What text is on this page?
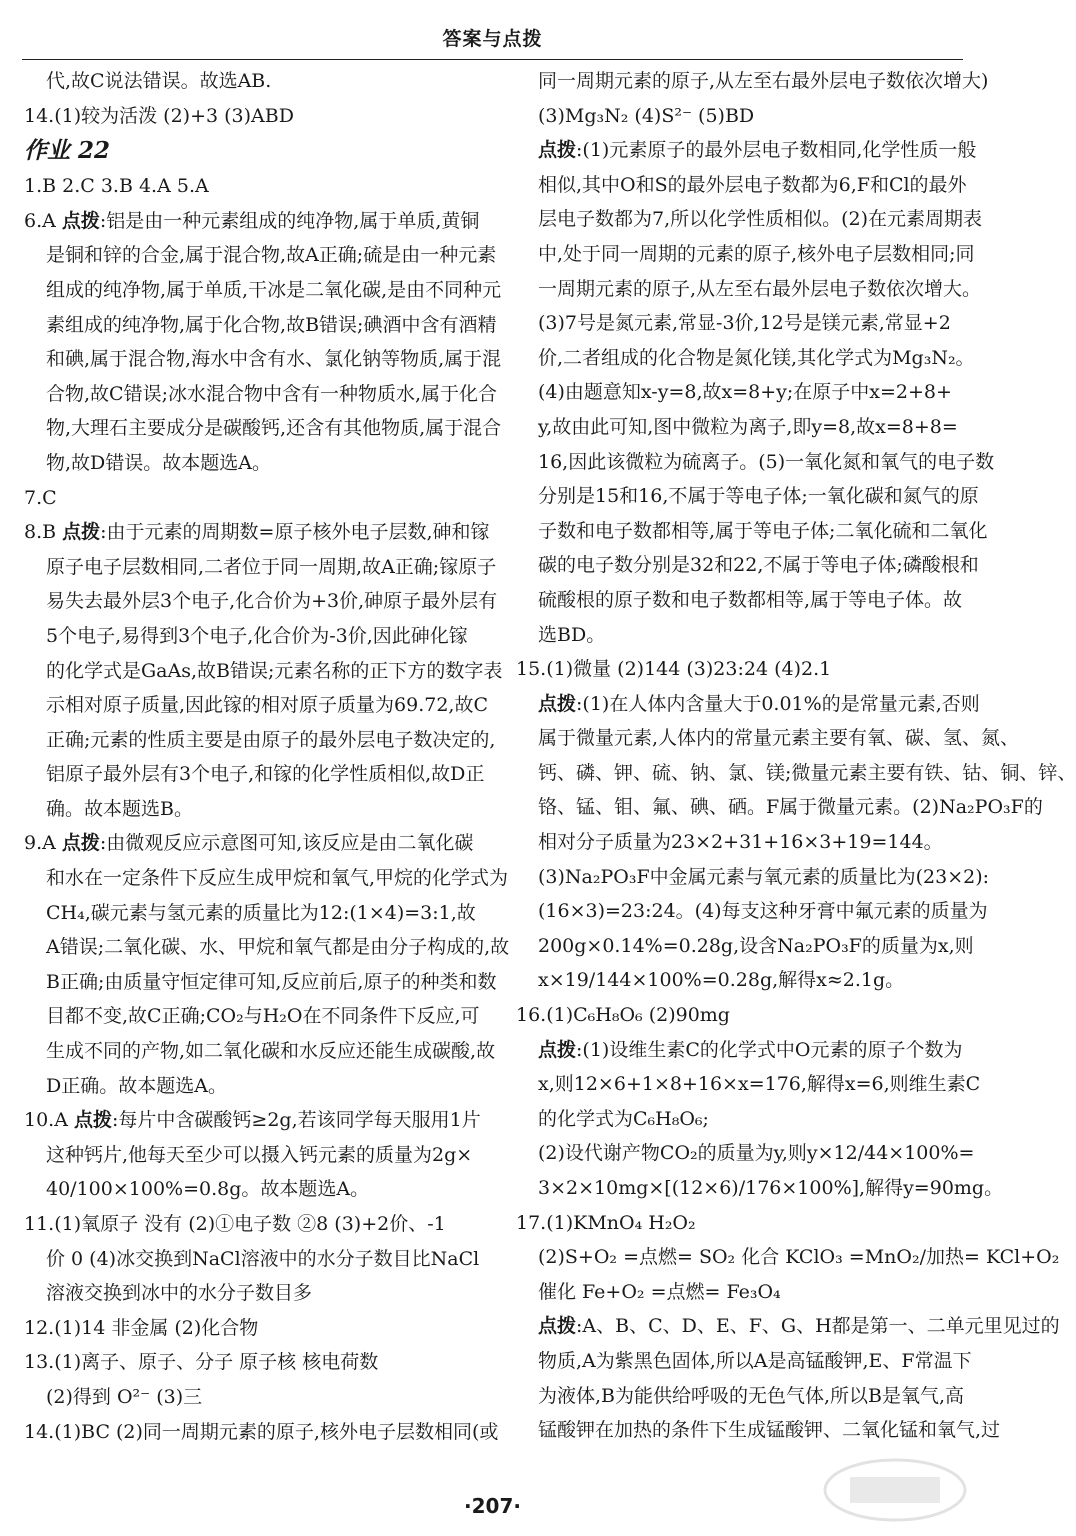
答案与点拨
代,故C说法错误。故选AB.
14.(1)较为活泼 (2)+3 (3)ABD
作业 22
1.B 2.C 3.B 4.A 5.A
6.A 点拨:铝是由一种元素组成的纯净物,属于单质,黄铜
是铜和锌的合金,属于混合物,故A正确;硫是由一种元素
组成的纯净物,属于单质,干冰是二氧化碳,是由不同种元
素组成的纯净物,属于化合物,故B错误;碘酒中含有酒精
和碘,属于混合物,海水中含有水、氯化钠等物质,属于混
合物,故C错误;冰水混合物中含有一种物质水,属于化合
物,大理石主要成分是碳酸钙,还含有其他物质,属于混合
物,故D错误。故本题选A。
7.C
8.B 点拨:由于元素的周期数=原子核外电子层数,砷和镓
原子电子层数相同,二者位于同一周期,故A正确;镓原子
易失去最外层3个电子,化合价为+3价,砷原子最外层有
5个电子,易得到3个电子,化合价为-3价,因此砷化镓
的化学式是GaAs,故B错误;元素名称的正下方的数字表
示相对原子质量,因此镓的相对原子质量为69.72,故C
正确;元素的性质主要是由原子的最外层电子数决定的,
铝原子最外层有3个电子,和镓的化学性质相似,故D正
确。故本题选B。
9.A 点拨:由微观反应示意图可知,该反应是由二氧化碳
和水在一定条件下反应生成甲烷和氧气,甲烷的化学式为
CH₄,碳元素与氢元素的质量比为12:(1×4)=3:1,故
A错误;二氧化碳、水、甲烷和氧气都是由分子构成的,故
B正确;由质量守恒定律可知,反应前后,原子的种类和数
目都不变,故C正确;CO₂与H₂O在不同条件下反应,可
生成不同的产物,如二氧化碳和水反应还能生成碳酸,故
D正确。故本题选A。
10.A 点拨:每片中含碳酸钙≥2g,若该同学每天服用1片
这种钙片,他每天至少可以摄入钙元素的质量为2g×
40/100×100%=0.8g。故本题选A。
11.(1)氧原子 没有 (2)①电子数 ②8 (3)+2价、-1
价 0 (4)冰交换到NaCl溶液中的水分子数目比NaCl
溶液交换到冰中的水分子数目多
12.(1)14 非金属 (2)化合物
13.(1)离子、原子、分子 原子核 核电荷数
(2)得到 O²⁻ (3)三
14.(1)BC (2)同一周期元素的原子,核外电子层数相同(或
同一周期元素的原子,从左至右最外层电子数依次增大)
(3)Mg₃N₂ (4)S²⁻ (5)BD
点拨:(1)元素原子的最外层电子数相同,化学性质一般
相似,其中O和S的最外层电子数都为6,F和Cl的最外
层电子数都为7,所以化学性质相似。(2)在元素周期表
中,处于同一周期的元素的原子,核外电子层数相同;同
一周期元素的原子,从左至右最外层电子数依次增大。
(3)7号是氮元素,常显-3价,12号是镁元素,常显+2
价,二者组成的化合物是氮化镁,其化学式为Mg₃N₂。
(4)由题意知x-y=8,故x=8+y;在原子中x=2+8+
y,故由此可知,图中微粒为离子,即y=8,故x=8+8=
16,因此该微粒为硫离子。(5)一氧化氮和氧气的电子数
分别是15和16,不属于等电子体;一氧化碳和氮气的原
子数和电子数都相等,属于等电子体;二氧化硫和二氧化
碳的电子数分别是32和22,不属于等电子体;磷酸根和
硫酸根的原子数和电子数都相等,属于等电子体。故
选BD。
15.(1)微量 (2)144 (3)23:24 (4)2.1
点拨:(1)在人体内含量大于0.01%的是常量元素,否则
属于微量元素,人体内的常量元素主要有氧、碳、氢、氮、
钙、磷、钾、硫、钠、氯、镁;微量元素主要有铁、钴、铜、锌、
铬、锰、钼、氟、碘、硒。F属于微量元素。(2)Na₂PO₃F的
相对分子质量为23×2+31+16×3+19=144。
(3)Na₂PO₃F中金属元素与氧元素的质量比为(23×2):
(16×3)=23:24。(4)每支这种牙膏中氟元素的质量为
200g×0.14%=0.28g,设含Na₂PO₃F的质量为x,则
x×19/144×100%=0.28g,解得x≈2.1g。
16.(1)C₆H₈O₆ (2)90mg
点拨:(1)设维生素C的化学式中O元素的原子个数为
x,则12×6+1×8+16×x=176,解得x=6,则维生素C
的化学式为C₆H₈O₆;
(2)设代谢产物CO₂的质量为y,则y×12/44×100%=
3×2×10mg×[(12×6)/176×100%],解得y=90mg。
17.(1)KMnO₄ H₂O₂
(2)S+O₂ =点燃= SO₂ 化合 KClO₃ =MnO₂/加热= KCl+O₂
催化 Fe+O₂ =点燃= Fe₃O₄
点拨:A、B、C、D、E、F、G、H都是第一、二单元里见过的
物质,A为紫黑色固体,所以A是高锰酸钾,E、F常温下
为液体,B为能供给呼吸的无色气体,所以B是氧气,高
锰酸钾在加热的条件下生成锰酸钾、二氧化锰和氧气,过
·207·
